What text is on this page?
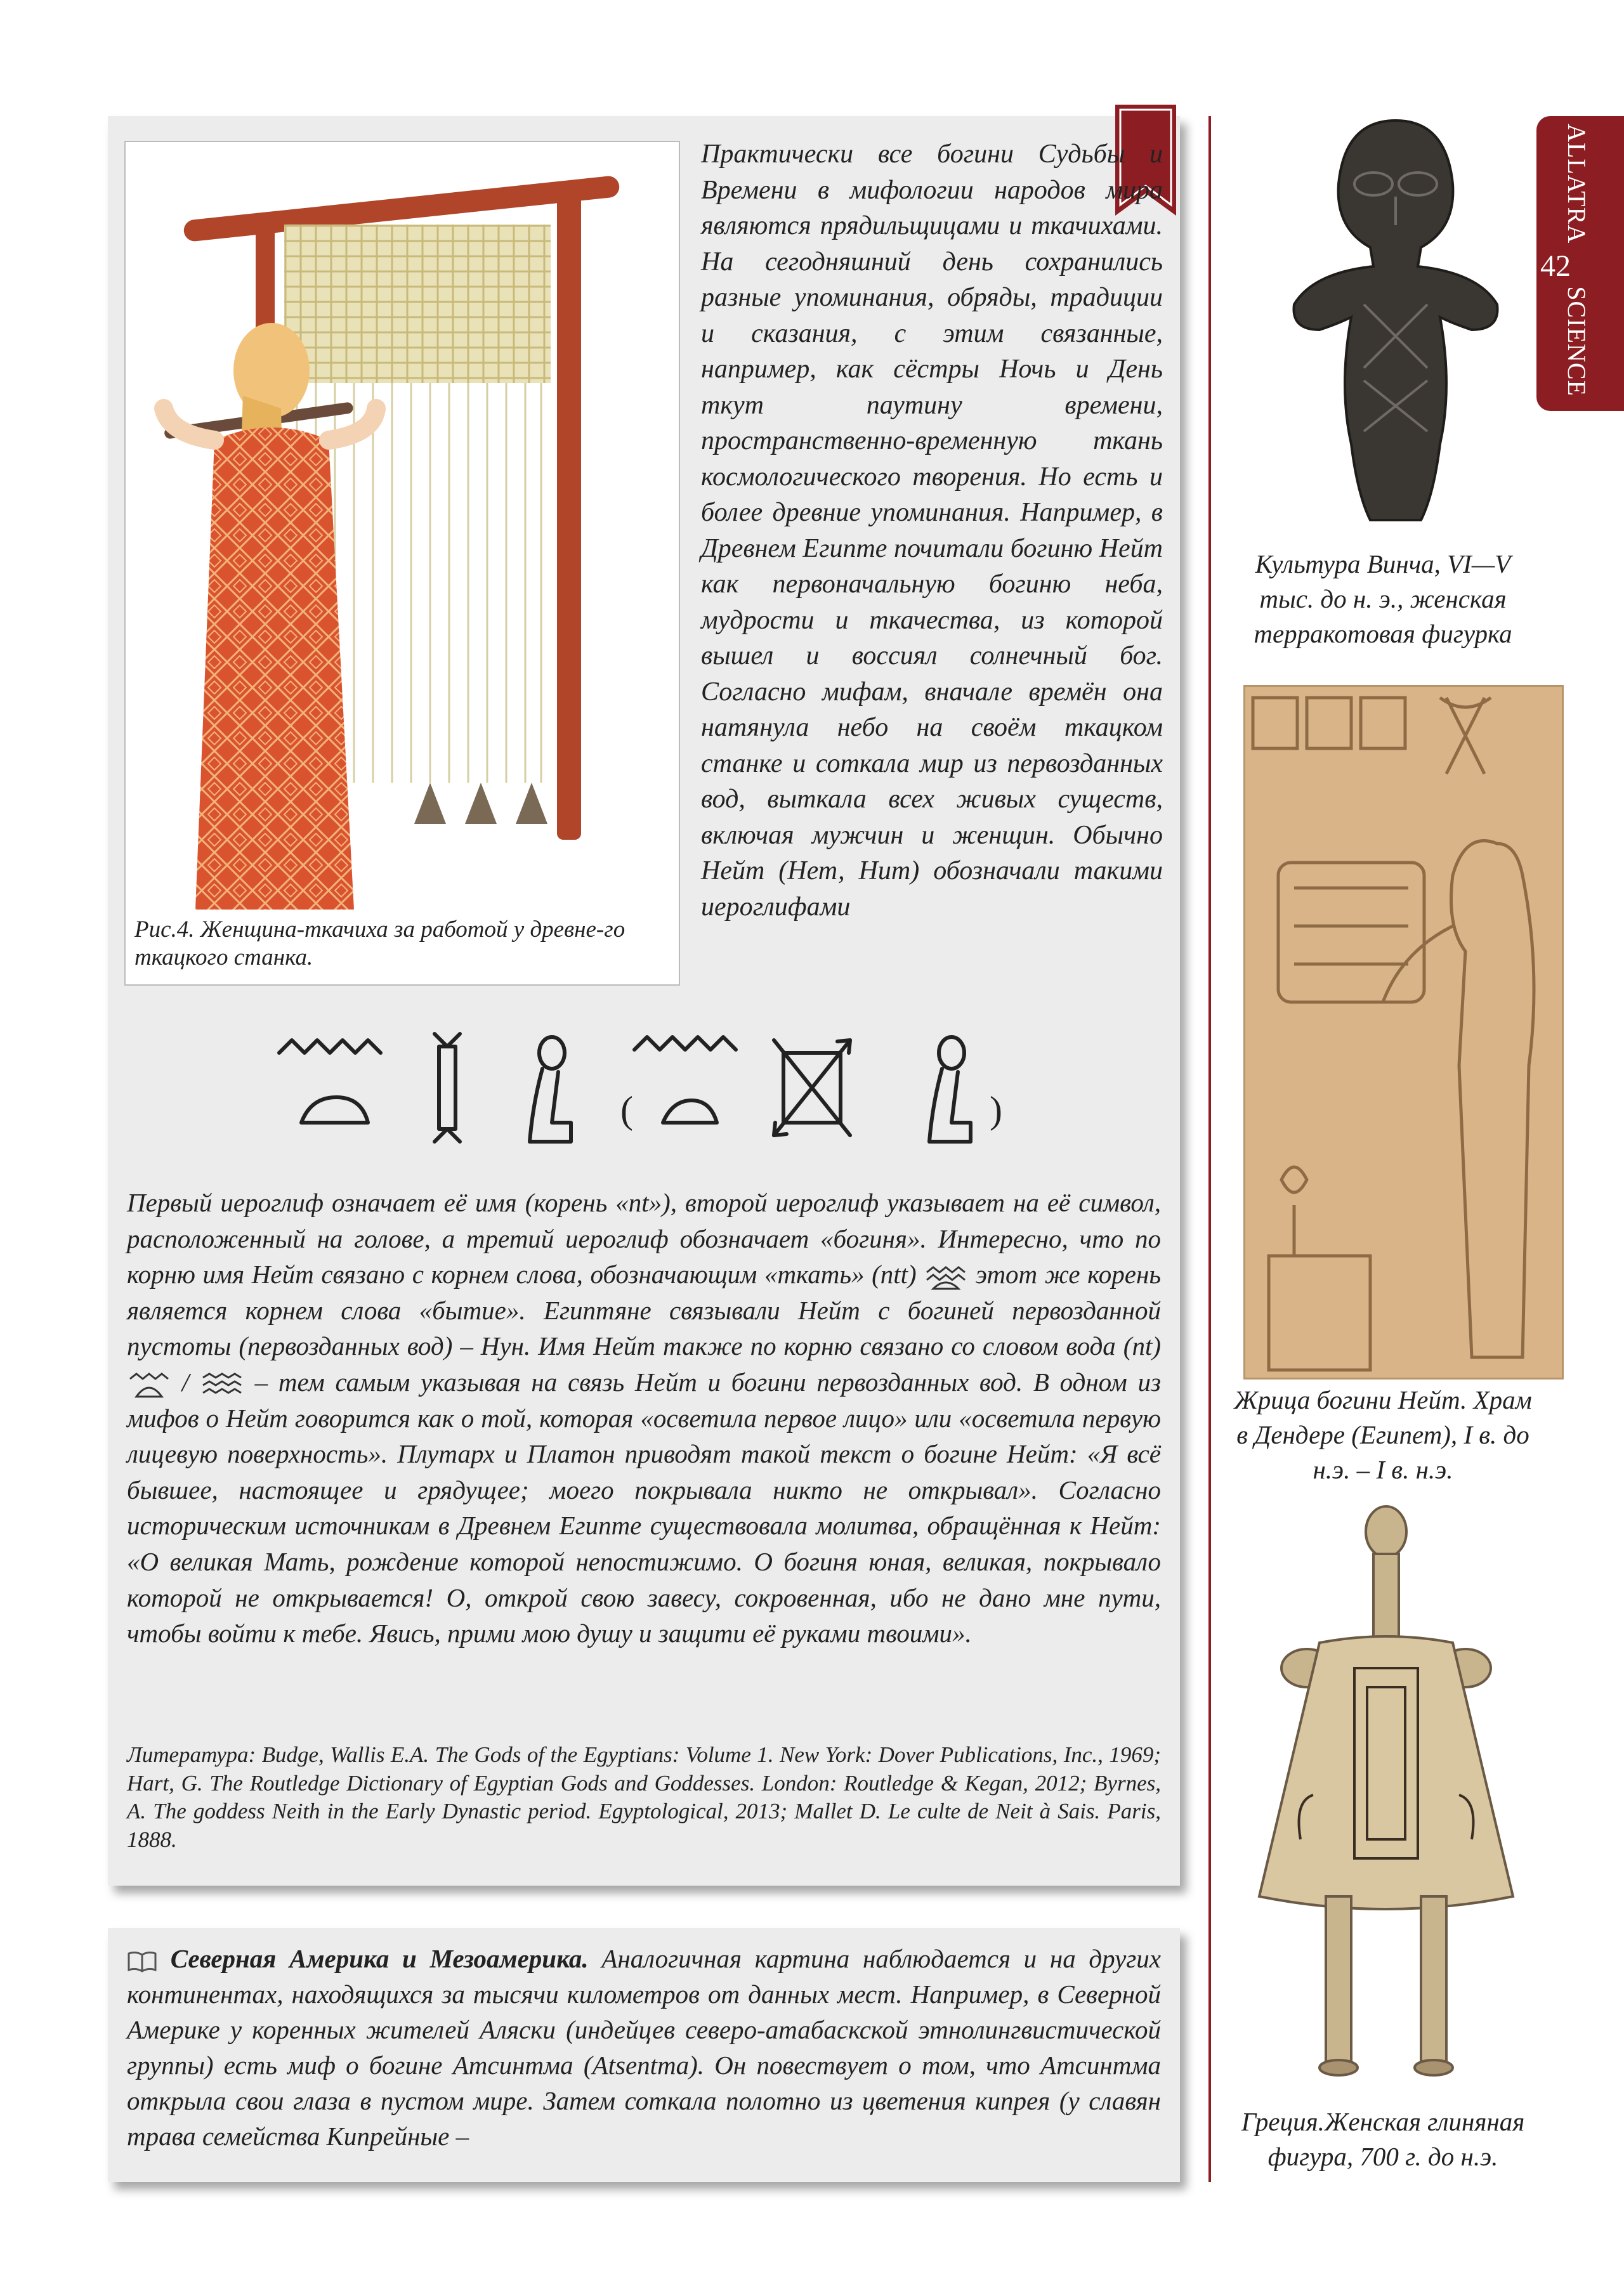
ALLATRA
SCIENCE
42
Рис.4. Женщина-ткачиха за работой у древне-го ткацкого станка.
Практически все богини Судьбы и Времени в мифологии народов мира являются прядильщицами и ткачихами. На сегодняшний день сохранились разные упоминания, обряды, традиции и сказания, с этим связанные, например, как сёстры Ночь и День ткут паутину времени, пространственно-временную ткань космологического творения. Но есть и более древние упоминания. Например, в Древнем Египте почитали богиню Нейт как первоначальную богиню неба, мудрости и ткачества, из которой вышел и воссиял солнечный бог. Согласно мифам, вначале времён она натянула небо на своём ткацком станке и соткала мир из первозданных вод, выткала всех живых существ, включая мужчин и женщин. Обычно Нейт (Нет, Нит) обозначали такими иероглифами
(	)
Первый иероглиф означает её имя (корень «nt»), второй иероглиф указывает на её символ, расположенный на голове, а третий иероглиф обозначает «богиня». Интересно, что по корню имя Нейт связано с корнем слова, обозначающим «ткать» (ntt) этот же корень является корнем слова «бытие». Египтяне связывали Нейт с богиней первозданной пустоты (первозданных вод) – Нун. Имя Нейт также по корню связано со словом вода (nt)  /	– тем самым указывая на связь Нейт и богини первозданных вод. В одном из мифов о Нейт говорится как о той, которая «осветила первое лицо» или «осветила первую лицевую поверхность». Плутарх и Платон приводят такой текст о богине Нейт: «Я всё бывшее, настоящее и грядущее; моего покрывала никто не открывал». Согласно историческим источникам в Древнем Египте существовала молитва, обращённая к Нейт: «О великая Мать, рождение которой непостижимо. О богиня юная, великая, покрывало которой не открывается! О, открой свою завесу, сокровенная, ибо не дано мне пути, чтобы войти к тебе. Явись, прими мою душу и защити её руками твоими».
Литература: Budge, Wallis E.A. The Gods of the Egyptians: Volume 1. New York: Dover Publications, Inc., 1969; Hart, G. The Routledge Dictionary of Egyptian Gods and Goddesses. London: Routledge & Kegan, 2012; Byrnes, A. The goddess Neith in the Early Dynastic period. Egyptological, 2013; Mallet D. Le culte de Neit à Sais. Paris, 1888.
Северная Америка и Мезоамерика. Аналогичная картина наблюдается и на других континентах, находящихся за тысячи километров от данных мест. Например, в Северной Америке у коренных жителей Аляски (индейцев северо-атабаскской этнолингвистической группы) есть миф о богине Атсинтма (Atsentma). Он повествует о том, что Атсинтма открыла свои глаза в пустом мире. Затем соткала полотно из цветения кипрея (у славян трава семейства Кипрейные –
Культура Винча, VI—V тыс. до н. э., женская терракотовая фигурка
Жрица богини Нейт. Храм в Дендере (Египет), I в. до н.э. – I в. н.э.
Греция.Женская глиняная фигура, 700 г. до н.э.
